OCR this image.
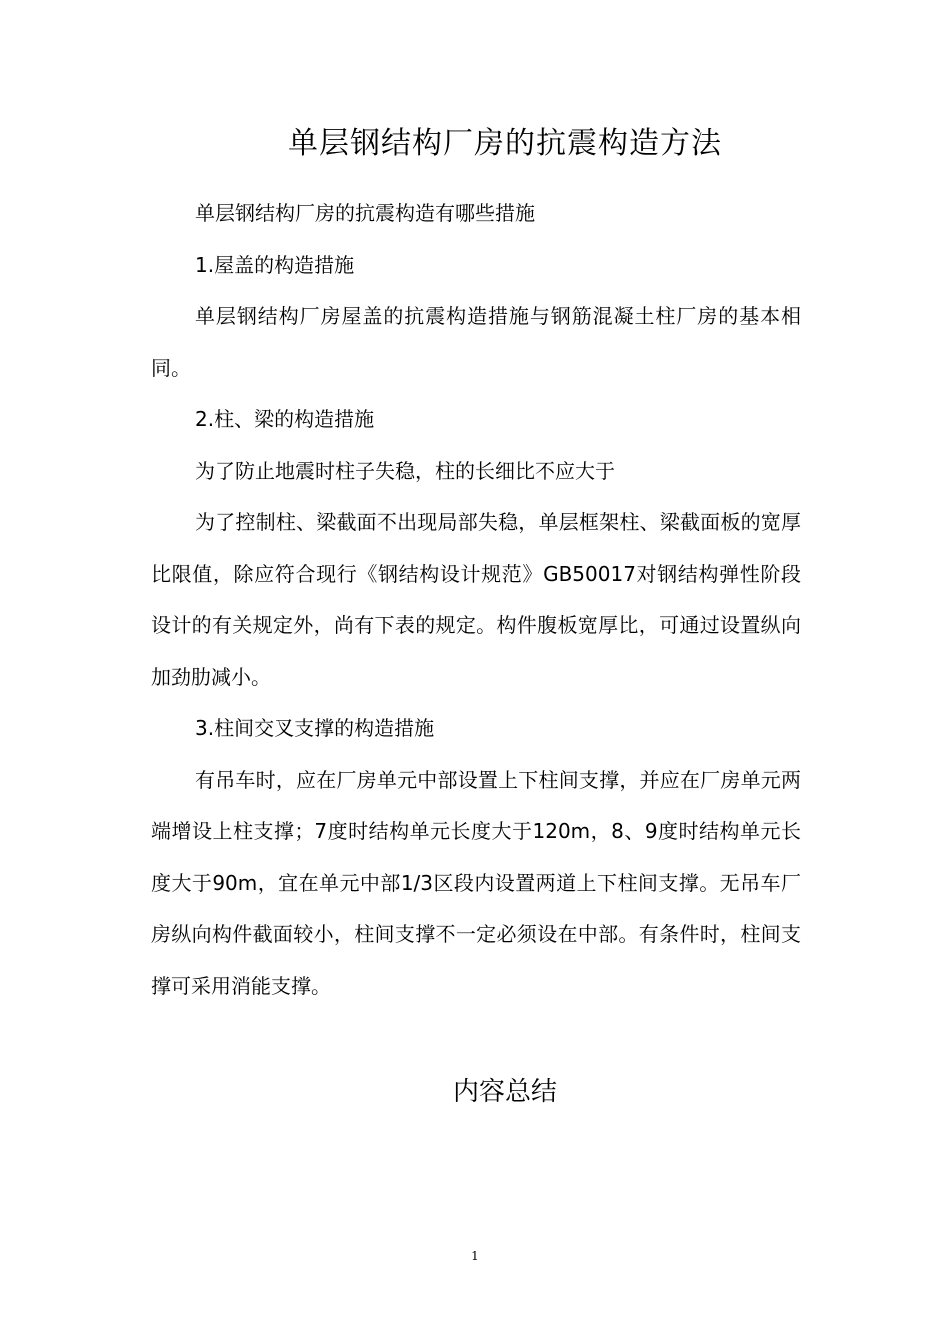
单层钢结构厂房的抗震构造方法

单层钢结构厂房的抗震构造有哪些措施

1.屋盖的构造措施

单层钢结构厂房屋盖的抗震构造措施与钢筋混凝土柱厂房的基本相同。

2.柱、梁的构造措施

为了防止地震时柱子失稳，柱的长细比不应大于

为了控制柱、梁截面不出现局部失稳，单层框架柱、梁截面板的宽厚比限值，除应符合现行《钢结构设计规范》GB50017对钢结构弹性阶段设计的有关规定外，尚有下表的规定。构件腹板宽厚比，可通过设置纵向加劲肋减小。

3.柱间交叉支撑的构造措施

有吊车时，应在厂房单元中部设置上下柱间支撑，并应在厂房单元两端增设上柱支撑；7度时结构单元长度大于120m，8、9度时结构单元长度大于90m，宜在单元中部1/3区段内设置两道上下柱间支撑。无吊车厂房纵向构件截面较小，柱间支撑不一定必须设在中部。有条件时，柱间支撑可采用消能支撑。

内容总结
1
